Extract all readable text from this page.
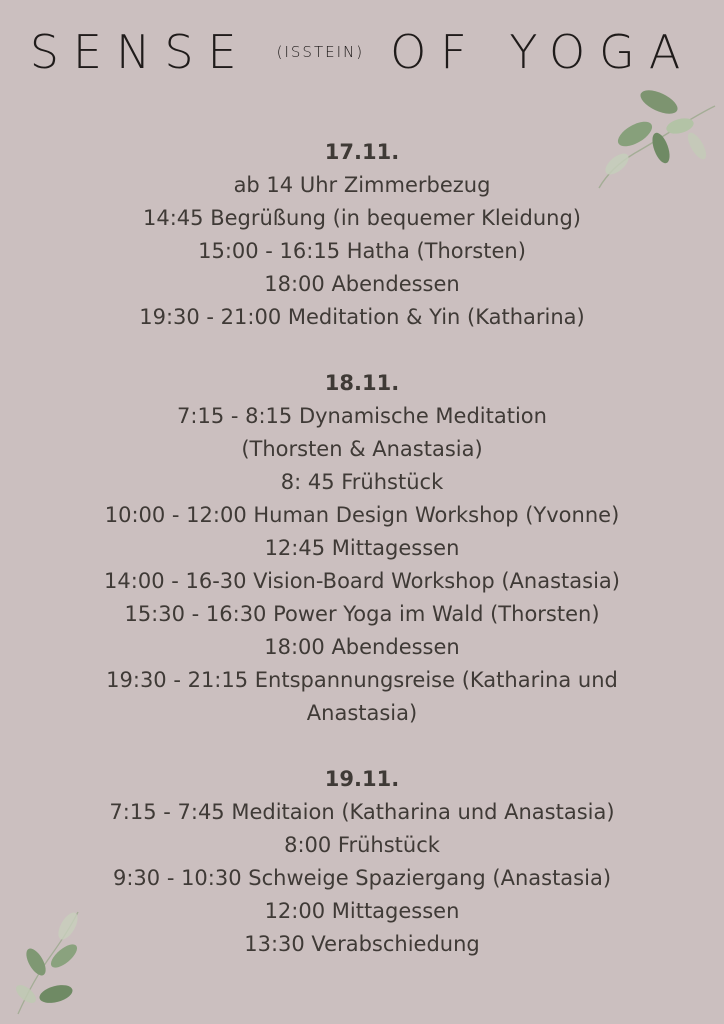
SENSE (ISSTEIN) OF YOGA
17.11.
ab 14 Uhr Zimmerbezug
14:45 Begrüßung (in bequemer Kleidung)
15:00 - 16:15 Hatha (Thorsten)
18:00 Abendessen
19:30 - 21:00 Meditation & Yin (Katharina)
18.11.
7:15 - 8:15 Dynamische Meditation
(Thorsten & Anastasia)
8: 45 Frühstück
10:00 - 12:00 Human Design Workshop (Yvonne)
12:45 Mittagessen
14:00 - 16-30 Vision-Board Workshop (Anastasia)
15:30 - 16:30 Power Yoga im Wald (Thorsten)
18:00 Abendessen
19:30 - 21:15 Entspannungsreise (Katharina und
Anastasia)
19.11.
7:15 - 7:45 Meditaion (Katharina und Anastasia)
8:00 Frühstück
9:30 - 10:30 Schweige Spaziergang (Anastasia)
12:00 Mittagessen
13:30 Verabschiedung
